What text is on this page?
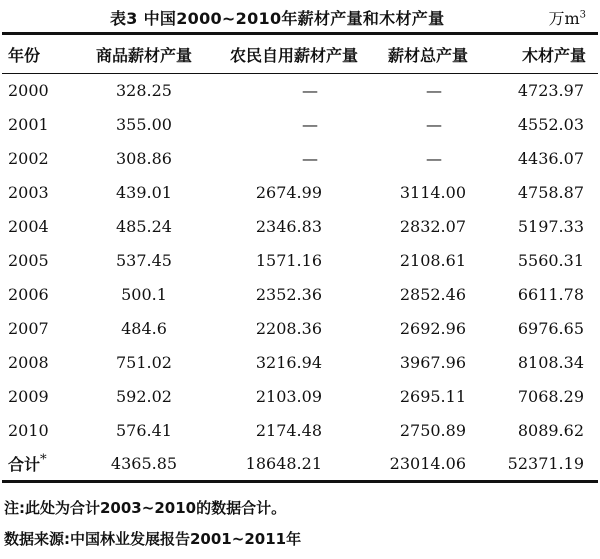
表3 中国2000~2010年薪材产量和木材产量	万$m^3$
年份	商品薪材产量	农民自用薪材产量	薪材总产量	木材产量
2000	328.25	—	—	4723.97
2001	355.00	—	—	4552.03
2002	308.86	—	—	4436.07
2003	439.01	2674.99	3114.00	4758.87
2004	485.24	2346.83	2832.07	5197.33
2005	537.45	1571.16	2108.61	5560.31
2006	500.1	2352.36	2852.46	6611.78
2007	484.6	2208.36	2692.96	6976.65
2008	751.02	3216.94	3967.96	8108.34
2009	592.02	2103.09	2695.11	7068.29
2010	576.41	2174.48	2750.89	8089.62
合计*	4365.85	18648.21	23014.06	52371.19
注:此处为合计2003~2010的数据合计。
数据来源:中国林业发展报告2001~2011年
